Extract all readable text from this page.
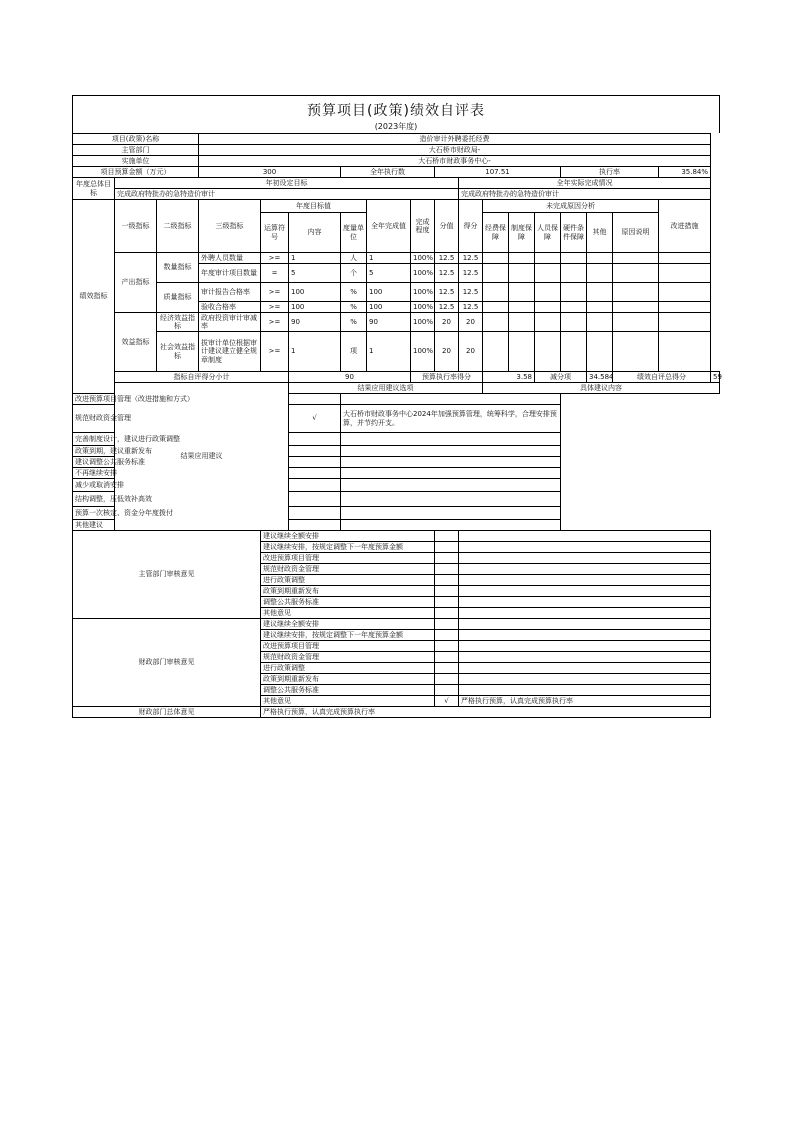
预算项目(政策)绩效自评表
(2023年度)
项目(政策)名称			造价审计外聘委托经费															
主管部门			大石桥市财政局-															
实施单位			大石桥市财政事务中心-															
项目预算金额（万元）			300			全年执行数			107.51					执行率			35.84%	
年度总体目标	年初设定目标									全年实际完成情况								
	完成政府特批办的急特造价审计									完成政府特批办的急特造价审计								
绩效指标	一级指标	二级指标	三级指标	年度目标值			全年完成值	完成程度	分值	得分	未完成原因分析						改进措施	
				运算符号	内容	度量单位					经费保障	制度保障	人员保障	硬件条件保障	其他	原因说明		
	产出指标	数量指标	外聘人员数量	>=	1	人	1	100%	12.5	12.5								
			年度审计项目数量	=	5	个	5	100%	12.5	12.5								
		质量指标	审计报告合格率	>=	100	%	100	100%	12.5	12.5								
			验收合格率	>=	100	%	100	100%	12.5	12.5								
	效益指标	经济效益指标	政府投资审计审减率	>=	90	%	90	100%	20	20								
		社会效益指标	拔审计单位根据审计建议建立健全规章制度	>=	1	项	1	100%	20	20								
	指标自评得分小计				90			预算执行率得分			3.58		减分项		34.584	绩效自评总得分		59
	结果应用建议				结果应用建议选项						具体建议内容							
改进预算项目管理（改进措施和方式）																		
规范财政资金管理					√	大石桥市财政事务中心2024年加强预算管理，统筹科学，合理安排预算，并节约开支。												
完善制度设计，建议进行政策调整																		
政策到期，建议重新发布																		
建议调整公共服务标准																		
不再继续安排																		
减少或取消安排																		
结构调整，压低效补高效																		
预算一次核定、资金分年度拨付																		
其他建议																		
主管部门审核意见				建议继续全额安排														
				建议继续安排，按规定调整下一年度预算金额														
				改进预算项目管理														
				规范财政资金管理														
				进行政策调整														
				政策到期重新发布														
				调整公共服务标准														
				其他意见														
财政部门审核意见				建议继续全额安排														
				建议继续安排，按规定调整下一年度预算金额														
				改进预算项目管理														
				规范财政资金管理														
				进行政策调整														
				政策到期重新发布														
				调整公共服务标准														
				其他意见					√	严格执行预算，认真完成预算执行率								
财政部门总体意见				严格执行预算，认真完成预算执行率														
